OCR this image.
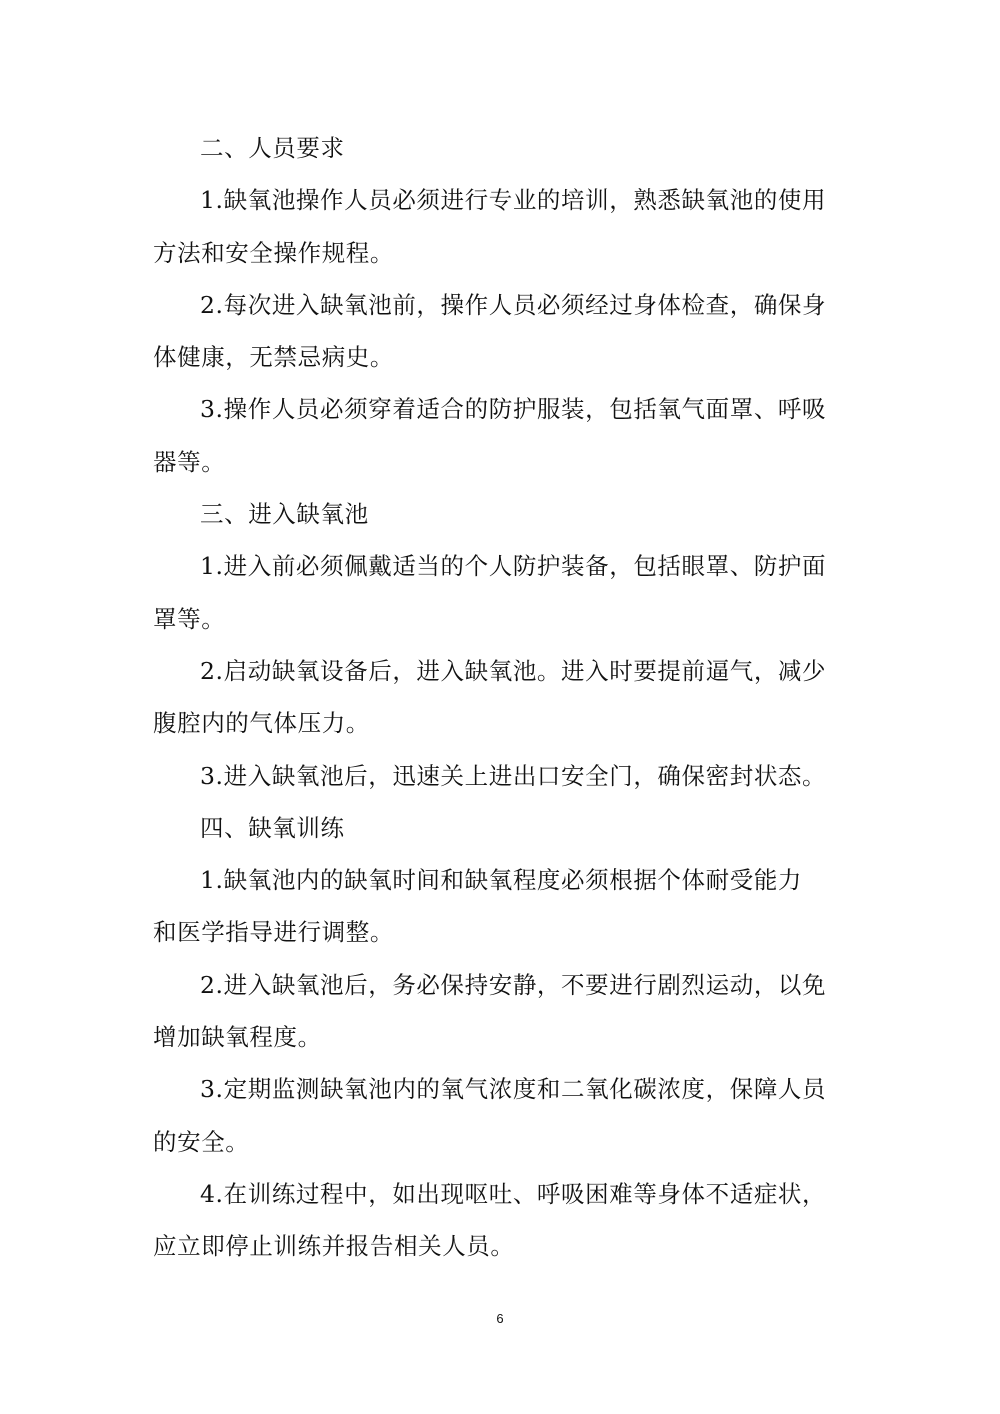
二、人员要求
1.缺氧池操作人员必须进行专业的培训，熟悉缺氧池的使用
方法和安全操作规程。
2.每次进入缺氧池前，操作人员必须经过身体检查，确保身
体健康，无禁忌病史。
3.操作人员必须穿着适合的防护服装，包括氧气面罩、呼吸
器等。
三、进入缺氧池
1.进入前必须佩戴适当的个人防护装备，包括眼罩、防护面
罩等。
2.启动缺氧设备后，进入缺氧池。进入时要提前逼气，减少
腹腔内的气体压力。
3.进入缺氧池后，迅速关上进出口安全门，确保密封状态。
四、缺氧训练
1.缺氧池内的缺氧时间和缺氧程度必须根据个体耐受能力
和医学指导进行调整。
2.进入缺氧池后，务必保持安静，不要进行剧烈运动，以免
增加缺氧程度。
3.定期监测缺氧池内的氧气浓度和二氧化碳浓度，保障人员
的安全。
4.在训练过程中，如出现呕吐、呼吸困难等身体不适症状，
应立即停止训练并报告相关人员。
6
